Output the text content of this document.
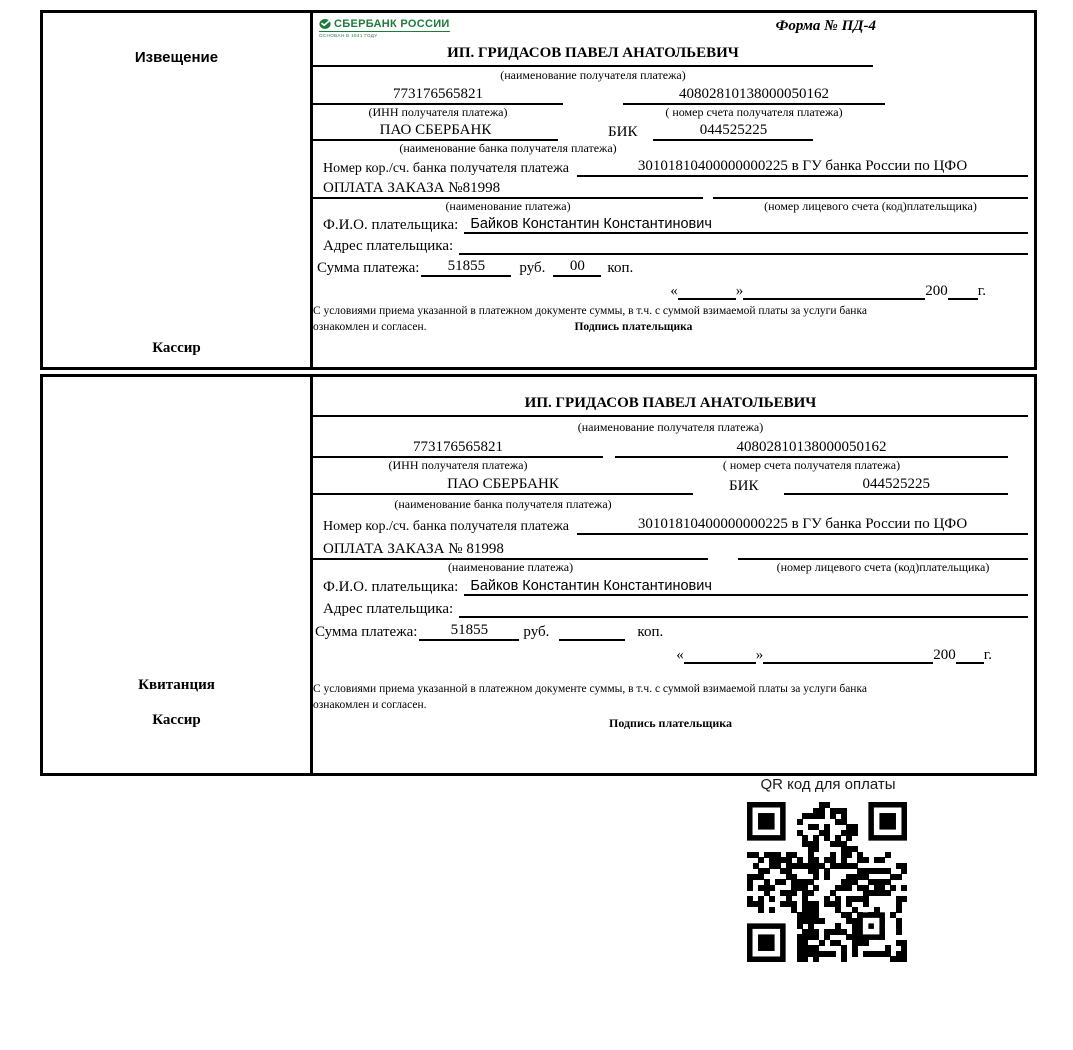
Извещение
Кассир
СБЕРБАНК РОССИИ
ОСНОВАН В 1841 ГОДУ
Форма № ПД-4
ИП. ГРИДАСОВ ПАВЕЛ АНАТОЛЬЕВИЧ
(наименование получателя платежа)
773176565821	40802810138000050162
(ИНН получателя платежа)	( номер счета получателя платежа)
ПАО СБЕРБАНК	БИК	044525225
(наименование банка получателя платежа)
Номер кор./сч. банка получателя платежа	30101810400000000225 в ГУ банка России по ЦФО
ОПЛАТА ЗАКАЗА №81998
(наименование платежа)	(номер лицевого счета (код)плательщика)
Ф.И.О. плательщика: Байков Константин Константинович
Адрес плательщика:
Сумма платежа:	51855	руб.	00	коп.
«	»	200 г.
С условиями приема указанной в платежном документе суммы, в т.ч. с суммой взимаемой платы за услуги банка
ознакомлен и согласен.	Подпись плательщика
Квитанция
Кассир
ИП. ГРИДАСОВ ПАВЕЛ АНАТОЛЬЕВИЧ
(наименование получателя платежа)
773176565821	40802810138000050162
(ИНН получателя платежа)	( номер счета получателя платежа)
ПАО СБЕРБАНК	БИК	044525225
(наименование банка получателя платежа)
Номер кор./сч. банка получателя платежа	30101810400000000225 в ГУ банка России по ЦФО
ОПЛАТА ЗАКАЗА № 81998
(наименование платежа)	(номер лицевого счета (код)плательщика)
Ф.И.О. плательщика: Байков Константин Константинович
Адрес плательщика:
Сумма платежа:	51855	руб.	коп.
«	»	200 г.
С условиями приема указанной в платежном документе суммы, в т.ч. с суммой взимаемой платы за услуги банка
ознакомлен и согласен.
Подпись плательщика
QR код для оплаты
